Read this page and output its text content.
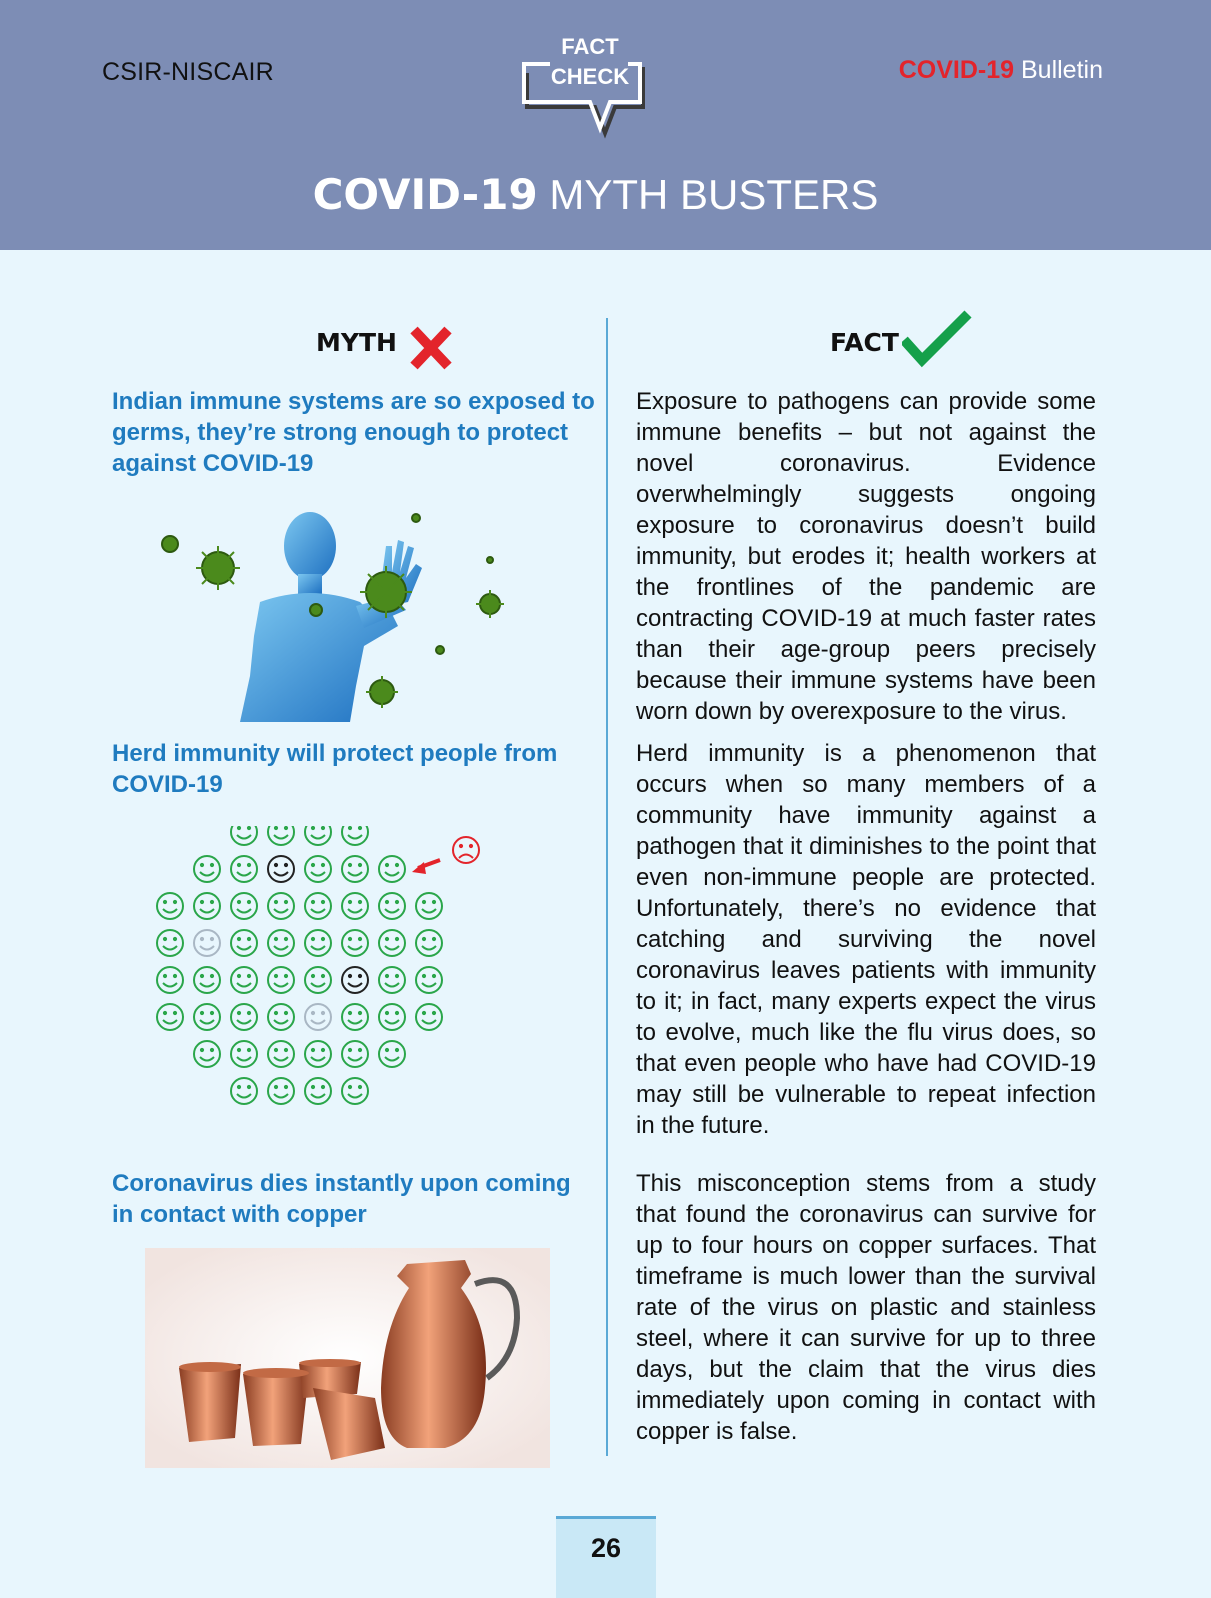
CSIR-NISCAIR
FACT
CHECK	COVID-19 Bulletin
COVID-19 MYTH BUSTERS
MYTH	FACT
Indian immune systems are so exposed to germs, they’re strong enough to protect against COVID-19

Exposure to pathogens can provide some immune benefits – but not against the novel coronavirus. Evidence overwhelmingly suggests ongoing exposure to coronavirus doesn’t build immunity, but erodes it; health workers at the frontlines of the pandemic are contracting COVID-19 at much faster rates than their age-group peers precisely because their immune systems have been worn down by overexposure to the virus.

Herd immunity will protect people from COVID-19

Herd immunity is a phenomenon that occurs when so many members of a community have immunity against a pathogen that it diminishes to the point that even non-immune people are protected. Unfortunately, there’s no evidence that catching and surviving the novel coronavirus leaves patients with immunity to it; in fact, many experts expect the virus to evolve, much like the flu virus does, so that even people who have had COVID-19 may still be vulnerable to repeat infection in the future.

Coronavirus dies instantly upon coming in contact with copper

This misconception stems from a study that found the coronavirus can survive for up to four hours on copper surfaces. That timeframe is much lower than the survival rate of the virus on plastic and stainless steel, where it can survive for up to three days, but the claim that the virus dies immediately upon coming in contact with copper is false.

26
